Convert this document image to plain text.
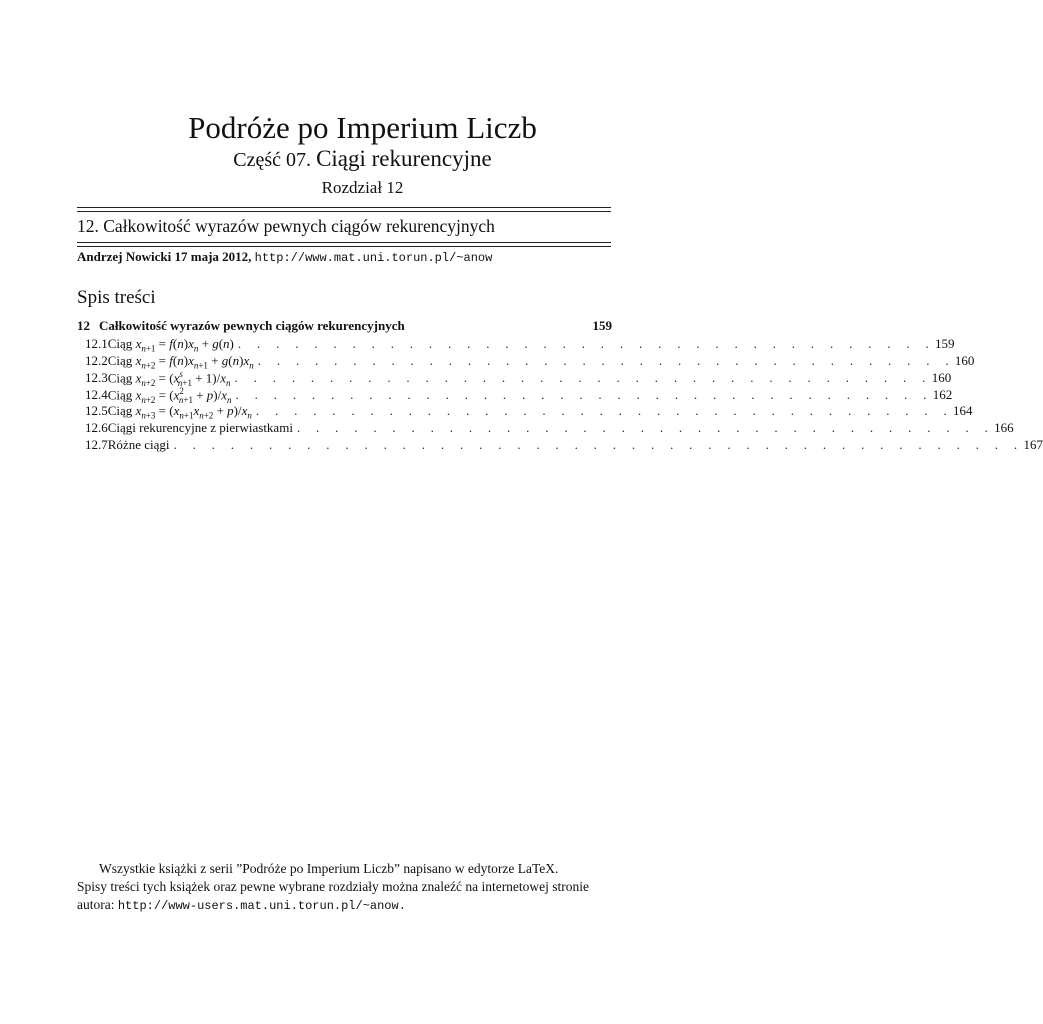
Podróże po Imperium Liczb
Część 07. Ciągi rekurencyjne
Rozdział 12
12. Całkowitość wyrazów pewnych ciągów rekurencyjnych
Andrzej Nowicki 17 maja 2012, http://www.mat.uni.torun.pl/~anow
Spis treści
12 Całkowitość wyrazów pewnych ciągów rekurencyjnych	159
12.1 Ciąg $x_{n+1} = f(n)x_n + g(n)$ . . . . . . . . . . . . . . . . . . . . . . . . . . . . . . . . . . . . . 159
12.2 Ciąg $x_{n+2} = f(n)x_{n+1} + g(n)x_n$ . . . . . . . . . . . . . . . . . . . . . . . . . . . . . . . . . . . . . 160
12.3 Ciąg $x_{n+2} = (x^s_{n+1} + 1)/x_n$ . . . . . . . . . . . . . . . . . . . . . . . . . . . . . . . . . . . . . 160
12.4 Ciąg $x_{n+2} = (x^2_{n+1} + p)/x_n$ . . . . . . . . . . . . . . . . . . . . . . . . . . . . . . . . . . . . . 162
12.5 Ciąg $x_{n+3} = (x_{n+1}x_{n+2} + p)/x_n$ . . . . . . . . . . . . . . . . . . . . . . . . . . . . . . . . . . . . . 164
12.6 Ciągi rekurencyjne z pierwiastkami . . . . . . . . . . . . . . . . . . . . . . . . . . . . . . . . . . . . . 166
12.7 Różne ciągi . . . . . . . . . . . . . . . . . . . . . . . . . . . . . . . . . . . . . . . . . . . . . 167
Wszystkie książki z serii ”Podróże po Imperium Liczb” napisano w edytorze LaTeX.
Spisy treści tych książek oraz pewne wybrane rozdziały można znaleźć na internetowej stronie
autora: http://www-users.mat.uni.torun.pl/~anow.
